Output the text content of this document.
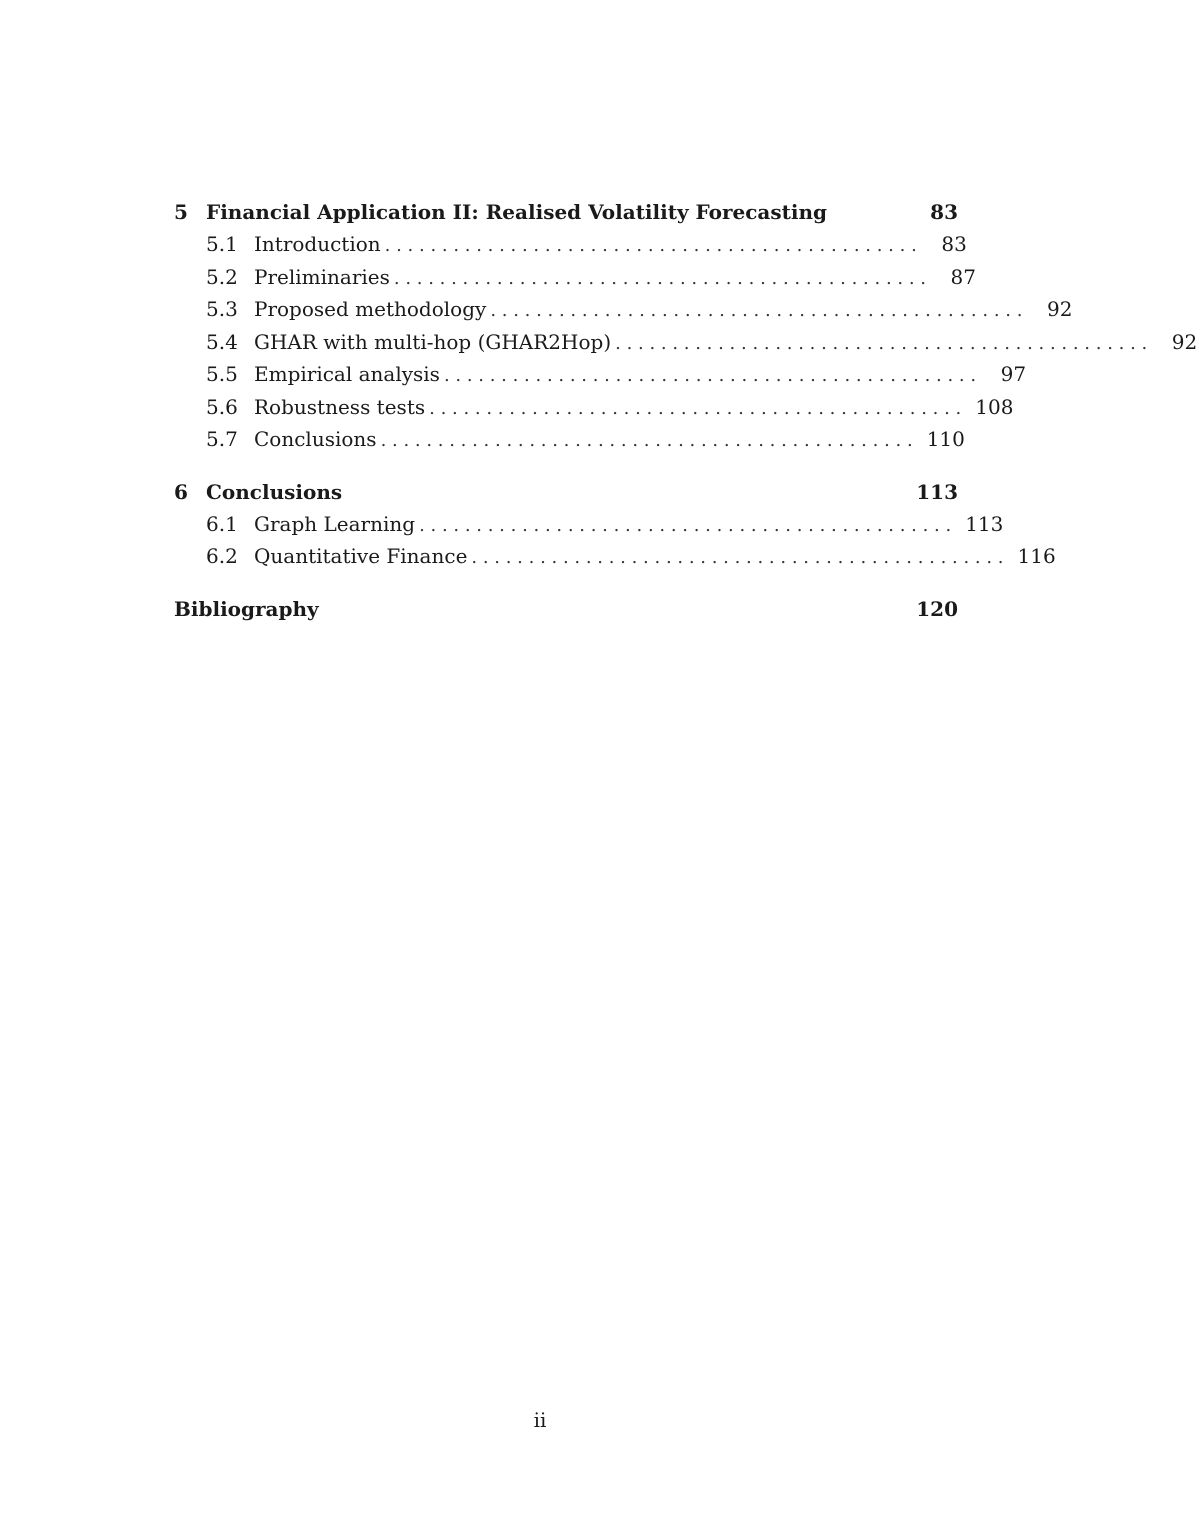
5 Financial Application II: Realised Volatility Forecasting	83
5.1 Introduction . . . . . . . . . . . . . . . . . . . . . . . . . . . . . . . . . . . . . . . . . . . . . . .	83
5.2 Preliminaries . . . . . . . . . . . . . . . . . . . . . . . . . . . . . . . . . . . . . . . . . . . . . . .	87
5.3 Proposed methodology . . . . . . . . . . . . . . . . . . . . . . . . . . . . . . . . . . . . . . . . . . . . . . .	92
5.4 GHAR with multi-hop (GHAR2Hop) . . . . . . . . . . . . . . . . . . . . . . . . . . . . . . . . . . . . . . . . . . . . . . .	92
5.5 Empirical analysis . . . . . . . . . . . . . . . . . . . . . . . . . . . . . . . . . . . . . . . . . . . . . . .	97
5.6 Robustness tests . . . . . . . . . . . . . . . . . . . . . . . . . . . . . . . . . . . . . . . . . . . . . . . 108
5.7 Conclusions . . . . . . . . . . . . . . . . . . . . . . . . . . . . . . . . . . . . . . . . . . . . . . . 110
6 Conclusions	113
6.1 Graph Learning . . . . . . . . . . . . . . . . . . . . . . . . . . . . . . . . . . . . . . . . . . . . . . . 113
6.2 Quantitative Finance . . . . . . . . . . . . . . . . . . . . . . . . . . . . . . . . . . . . . . . . . . . . . . . 116
Bibliography	120
ii
